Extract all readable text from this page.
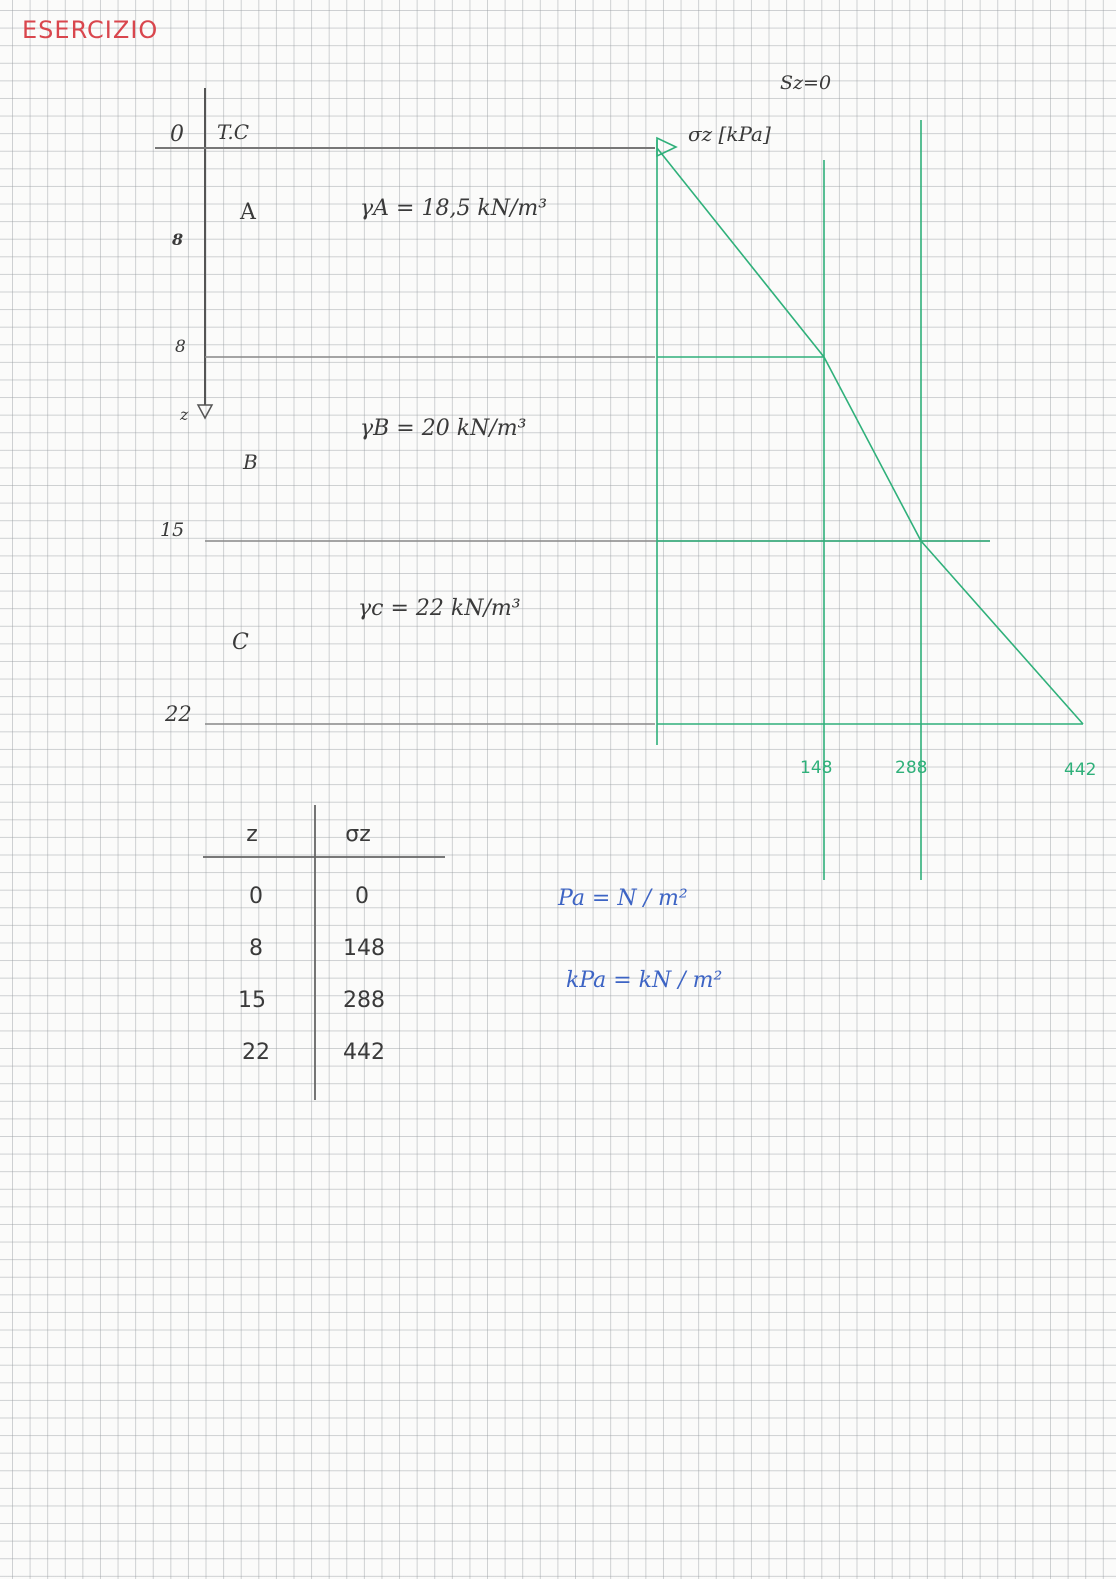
ESERCIZIO
Sz=0
0
8
8
15
22
T.C
z
σz [kPa]
A	γA = 18,5 kN/m³
B
γB = 20 kN/m³
C
γc = 22 kN/m³
148	288	442
z	σz
0	0
8	148
15	288
22	442
Pa = N / m²
kPa = kN / m²
